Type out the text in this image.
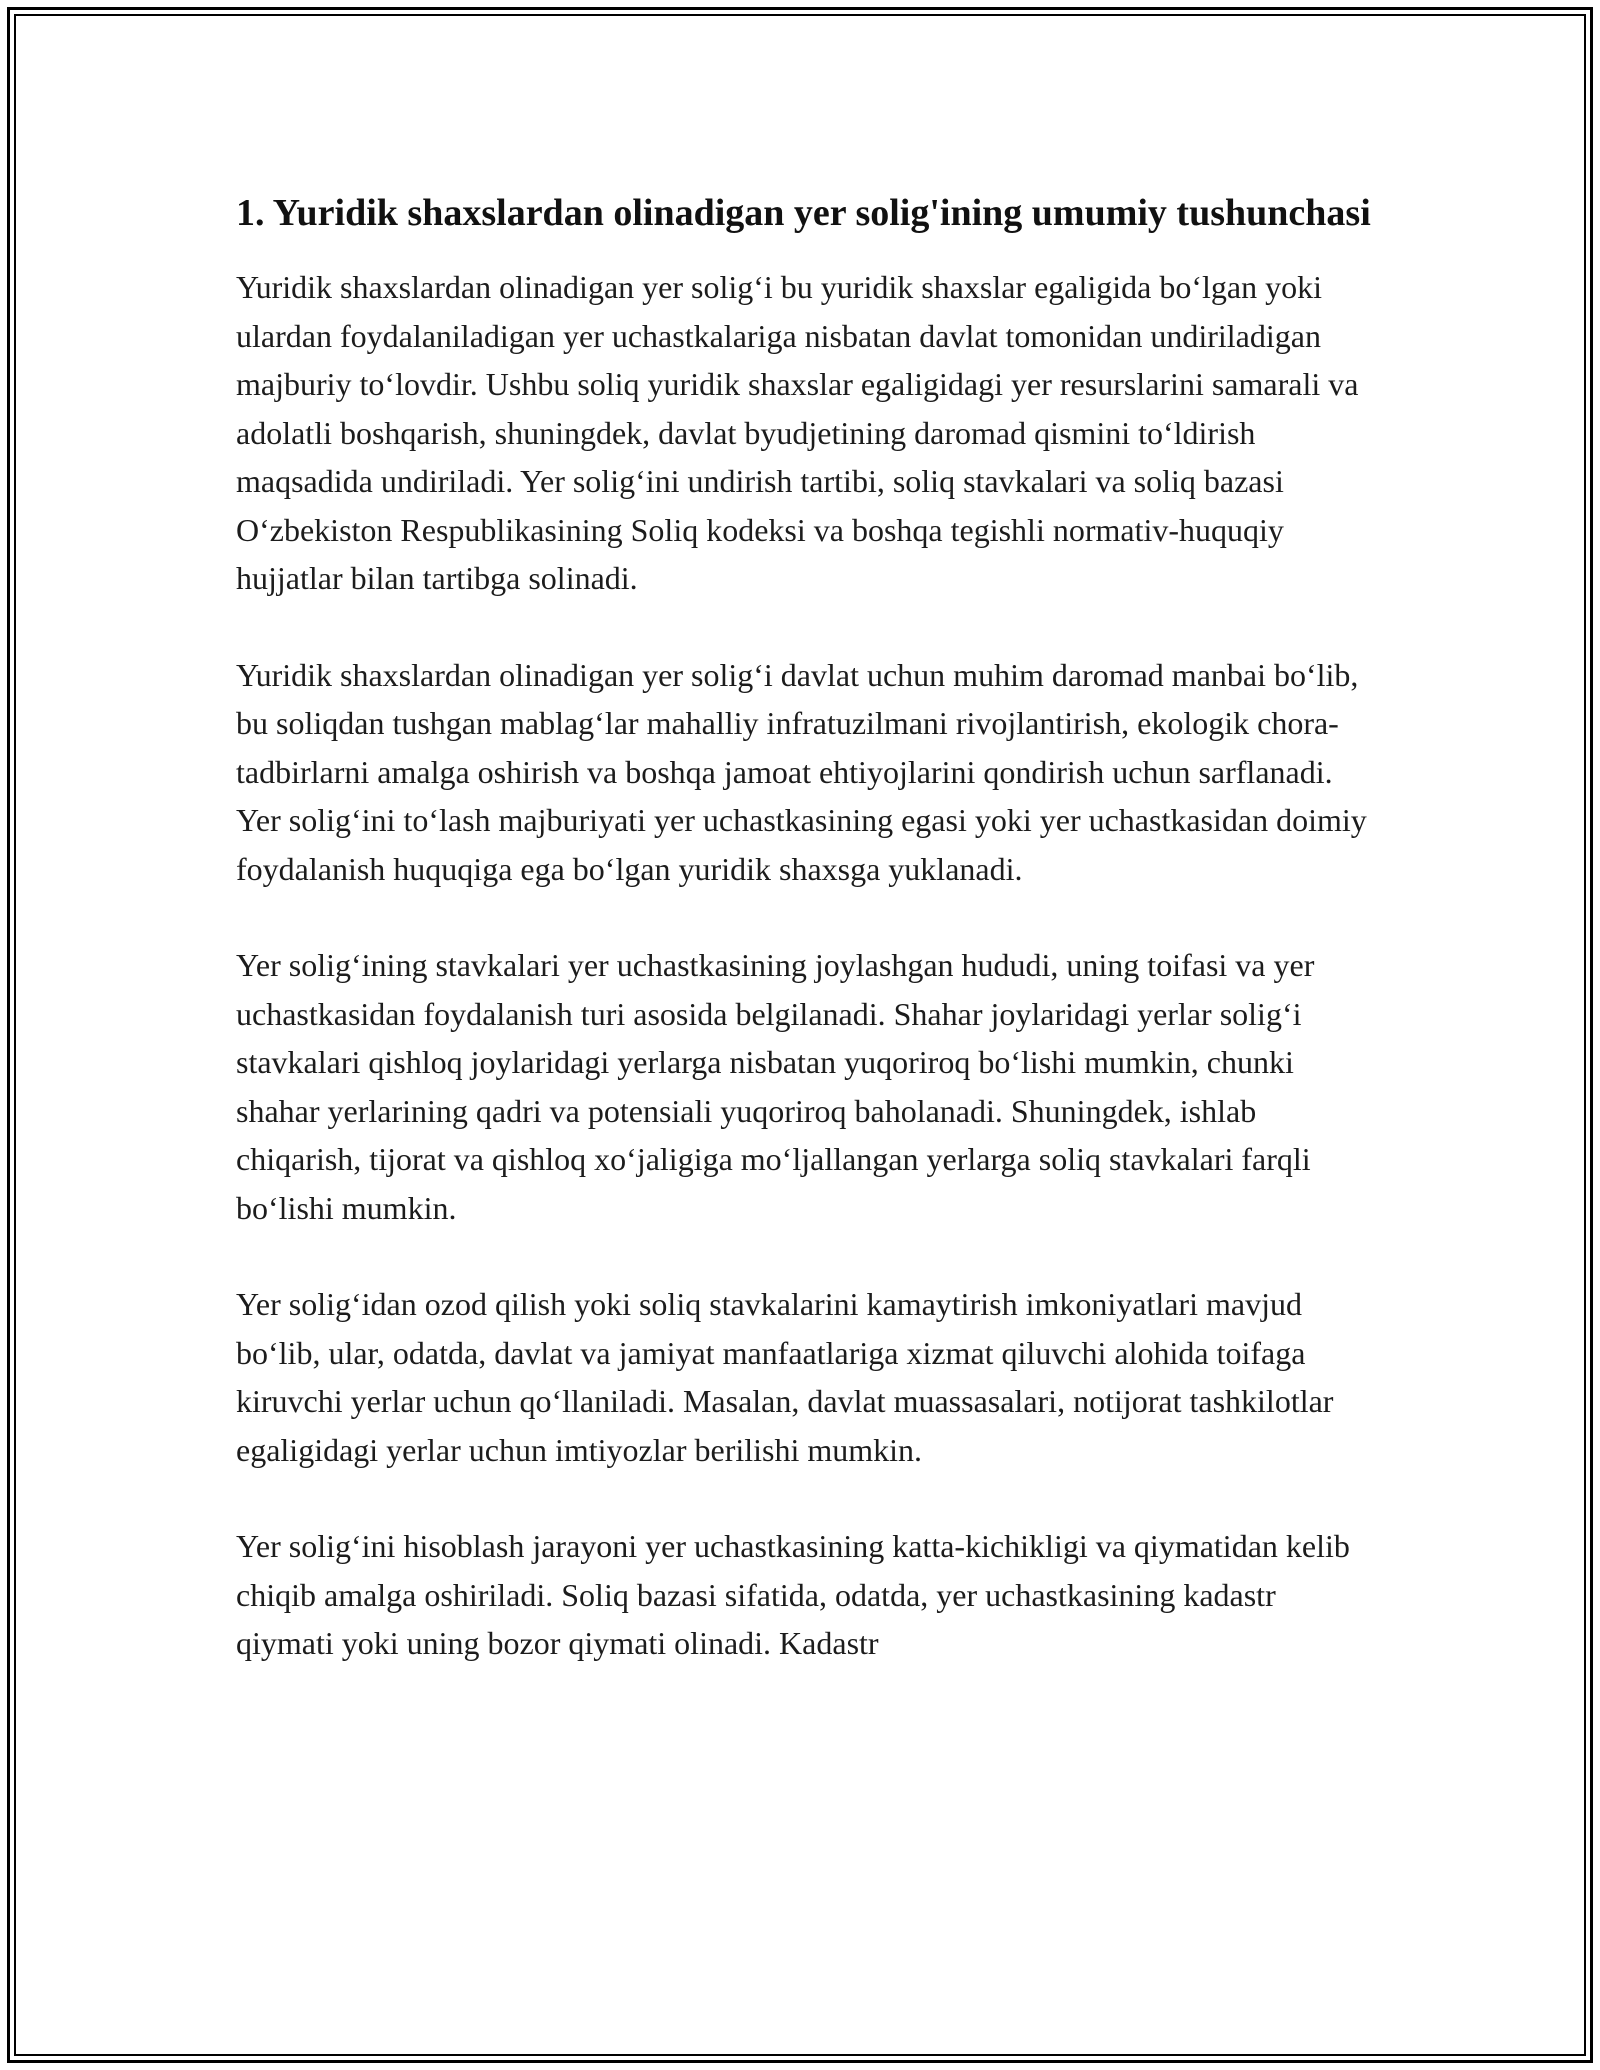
1. Yuridik shaxslardan olinadigan yer solig'ining umumiy tushunchasi

Yuridik shaxslardan olinadigan yer solig‘i bu yuridik shaxslar egaligida bo‘lgan yoki ulardan foydalaniladigan yer uchastkalariga nisbatan davlat tomonidan undiriladigan majburiy to‘lovdir. Ushbu soliq yuridik shaxslar egaligidagi yer resurslarini samarali va adolatli boshqarish, shuningdek, davlat byudjetining daromad qismini to‘ldirish maqsadida undiriladi. Yer solig‘ini undirish tartibi, soliq stavkalari va soliq bazasi O‘zbekiston Respublikasining Soliq kodeksi va boshqa tegishli normativ-huquqiy hujjatlar bilan tartibga solinadi.

Yuridik shaxslardan olinadigan yer solig‘i davlat uchun muhim daromad manbai bo‘lib, bu soliqdan tushgan mablag‘lar mahalliy infratuzilmani rivojlantirish, ekologik chora-tadbirlarni amalga oshirish va boshqa jamoat ehtiyojlarini qondirish uchun sarflanadi. Yer solig‘ini to‘lash majburiyati yer uchastkasining egasi yoki yer uchastkasidan doimiy foydalanish huquqiga ega bo‘lgan yuridik shaxsga yuklanadi.

Yer solig‘ining stavkalari yer uchastkasining joylashgan hududi, uning toifasi va yer uchastkasidan foydalanish turi asosida belgilanadi. Shahar joylaridagi yerlar solig‘i stavkalari qishloq joylaridagi yerlarga nisbatan yuqoriroq bo‘lishi mumkin, chunki shahar yerlarining qadri va potensiali yuqoriroq baholanadi. Shuningdek, ishlab chiqarish, tijorat va qishloq xo‘jaligiga mo‘ljallangan yerlarga soliq stavkalari farqli bo‘lishi mumkin.

Yer solig‘idan ozod qilish yoki soliq stavkalarini kamaytirish imkoniyatlari mavjud bo‘lib, ular, odatda, davlat va jamiyat manfaatlariga xizmat qiluvchi alohida toifaga kiruvchi yerlar uchun qo‘llaniladi. Masalan, davlat muassasalari, notijorat tashkilotlar egaligidagi yerlar uchun imtiyozlar berilishi mumkin.

Yer solig‘ini hisoblash jarayoni yer uchastkasining katta-kichikligi va qiymatidan kelib chiqib amalga oshiriladi. Soliq bazasi sifatida, odatda, yer uchastkasining kadastr qiymati yoki uning bozor qiymati olinadi. Kadastr
